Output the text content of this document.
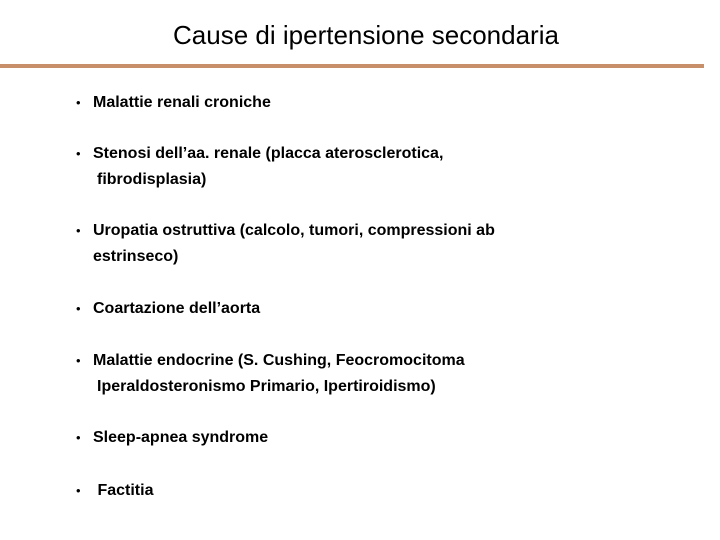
Cause di ipertensione secondaria
• Malattie renali croniche
• Stenosi dell’aa. renale (placca aterosclerotica,
fibrodisplasia)
• Uropatia ostruttiva (calcolo, tumori, compressioni ab
estrinseco)
• Coartazione dell’aorta
• Malattie endocrine (S. Cushing, Feocromocitoma
Iperaldosteronismo Primario, Ipertiroidismo)
• Sleep-apnea syndrome
• Factitia
